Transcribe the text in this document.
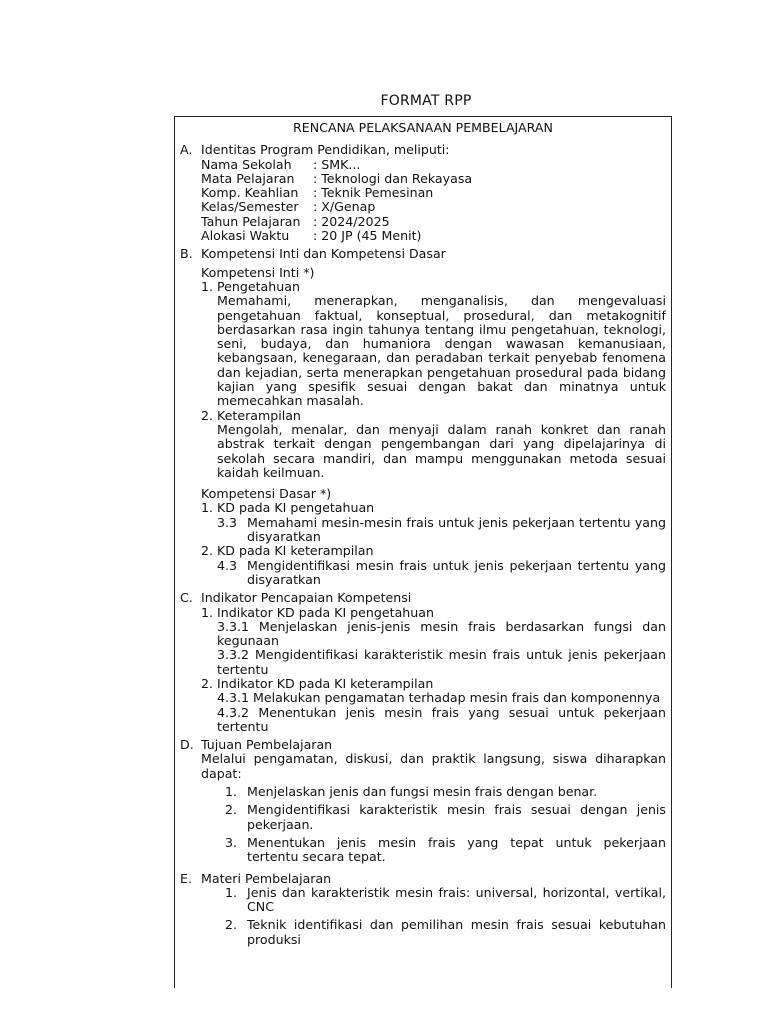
FORMAT RPP
RENCANA PELAKSANAAN PEMBELAJARAN
A. Identitas Program Pendidikan, meliputi:
Nama Sekolah	: SMK...
Mata Pelajaran	: Teknologi dan Rekayasa
Komp. Keahlian	: Teknik Pemesinan
Kelas/Semester	: X/Genap
Tahun Pelajaran : 2024/2025
Alokasi Waktu	: 20 JP (45 Menit)
B. Kompetensi Inti dan Kompetensi Dasar
Kompetensi Inti *)
1. Pengetahuan
Memahami, menerapkan, menganalisis, dan mengevaluasi pengetahuan faktual, konseptual, prosedural, dan metakognitif berdasarkan rasa ingin tahunya tentang ilmu pengetahuan, teknologi, seni, budaya, dan humaniora dengan wawasan kemanusiaan, kebangsaan, kenegaraan, dan peradaban terkait penyebab fenomena dan kejadian, serta menerapkan pengetahuan prosedural pada bidang kajian yang spesifik sesuai dengan bakat dan minatnya untuk memecahkan masalah.
2. Keterampilan
Mengolah, menalar, dan menyaji dalam ranah konkret dan ranah abstrak terkait dengan pengembangan dari yang dipelajarinya di sekolah secara mandiri, dan mampu menggunakan metoda sesuai kaidah keilmuan.
Kompetensi Dasar *)
1. KD pada KI pengetahuan
3.3 Memahami mesin-mesin frais untuk jenis pekerjaan tertentu yang disyaratkan
2. KD pada KI keterampilan
4.3 Mengidentifikasi mesin frais untuk jenis pekerjaan tertentu yang disyaratkan
C. Indikator Pencapaian Kompetensi
1. Indikator KD pada KI pengetahuan
3.3.1 Menjelaskan jenis-jenis mesin frais berdasarkan fungsi dan kegunaan
3.3.2 Mengidentifikasi karakteristik mesin frais untuk jenis pekerjaan tertentu
2. Indikator KD pada KI keterampilan
4.3.1 Melakukan pengamatan terhadap mesin frais dan komponennya
4.3.2 Menentukan jenis mesin frais yang sesuai untuk pekerjaan tertentu
D. Tujuan Pembelajaran
Melalui pengamatan, diskusi, dan praktik langsung, siswa diharapkan dapat:
1. Menjelaskan jenis dan fungsi mesin frais dengan benar.
2. Mengidentifikasi karakteristik mesin frais sesuai dengan jenis pekerjaan.
3. Menentukan jenis mesin frais yang tepat untuk pekerjaan tertentu secara tepat.
E. Materi Pembelajaran
1. Jenis dan karakteristik mesin frais: universal, horizontal, vertikal, CNC
2. Teknik identifikasi dan pemilihan mesin frais sesuai kebutuhan produksi
